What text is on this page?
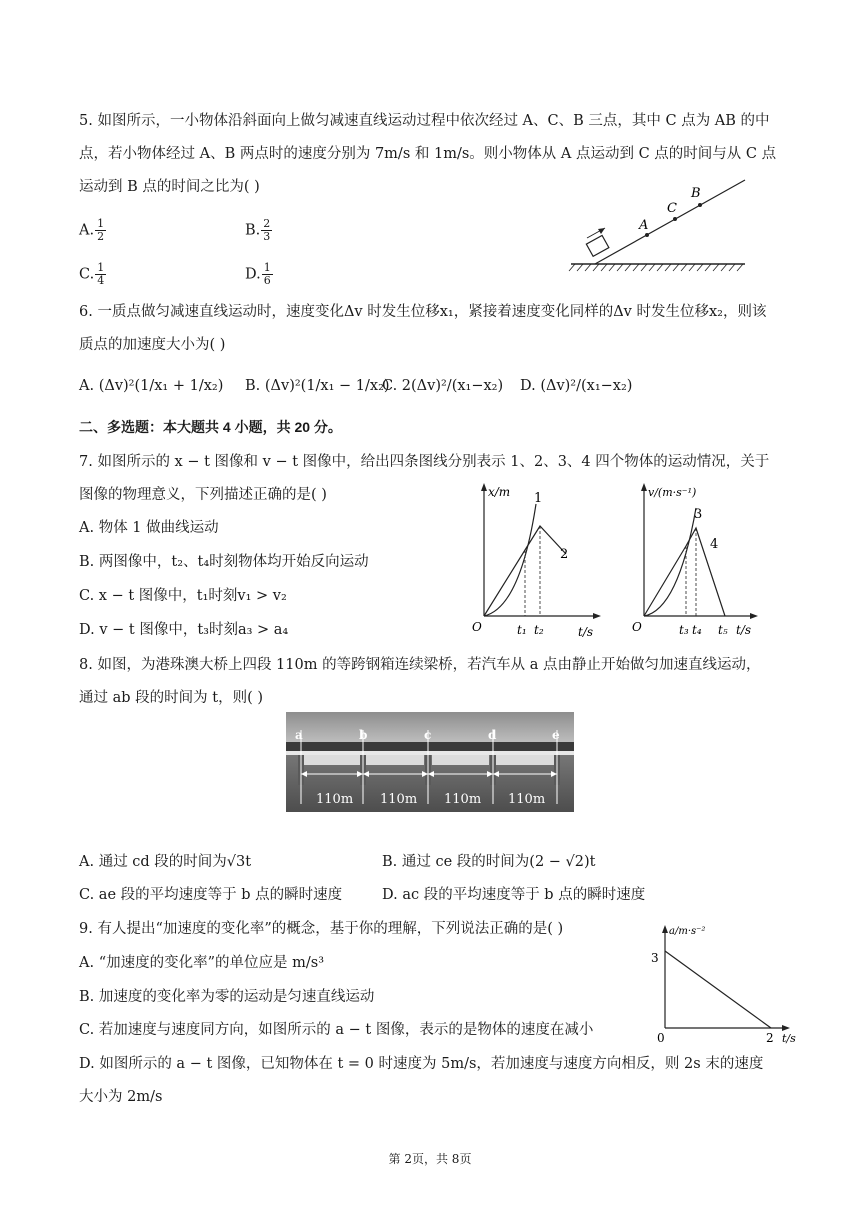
5. 如图所示，一小物体沿斜面向上做匀减速直线运动过程中依次经过 A、C、B 三点，其中 C 点为 AB 的中
点，若小物体经过 A、B 两点时的速度分别为 7m/s 和 1m/s。则小物体从 A 点运动到 C 点的时间与从 C 点
运动到 B 点的时间之比为( )
A. $\frac{1}{2}$	B. $\frac{2}{3}$
C. $\frac{1}{4}$	D. $\frac{1}{6}$
A
C
B
6. 一质点做匀减速直线运动时，速度变化Δv 时发生位移x₁，紧接着速度变化同样的Δv 时发生位移x₂，则该
质点的加速度大小为( )
A. (Δv)²(1/x₁ + 1/x₂) B. (Δv)²(1/x₁ − 1/x₂)
C. 2(Δv)²/(x₁−x₂) D. (Δv)²/(x₁−x₂)
二、多选题：本大题共 4 小题，共 20 分。
7. 如图所示的 x − t 图像和 v − t 图像中，给出四条图线分别表示 1、2、3、4 四个物体的运动情况，关于
图像的物理意义，下列描述正确的是( )
A. 物体 1 做曲线运动
B. 两图像中，t₂、t₄时刻物体均开始反向运动
C. x − t 图像中，t₁时刻v₁ > v₂
D. v − t 图像中，t₃时刻a₃ > a₄
x/m
O	t₁ t₂	t/s
1
2
v/(m·s⁻¹)
O	t₃ t₄ t₅ t/s
3
4
8. 如图，为港珠澳大桥上四段 110m 的等跨钢箱连续梁桥，若汽车从 a 点由静止开始做匀加速直线运动，
通过 ab 段的时间为 t，则( )
a	b	c	d	e
110m 110m 110m 110m
A. 通过 cd 段的时间为√3t	B. 通过 ce 段的时间为(2 − √2)t
C. ae 段的平均速度等于 b 点的瞬时速度	D. ac 段的平均速度等于 b 点的瞬时速度
9. 有人提出“加速度的变化率”的概念，基于你的理解，下列说法正确的是( )
A. “加速度的变化率”的单位应是 m/s³
B. 加速度的变化率为零的运动是匀速直线运动
C. 若加速度与速度同方向，如图所示的 a − t 图像，表示的是物体的速度在减小
D. 如图所示的 a − t 图像，已知物体在 t = 0 时速度为 5m/s，若加速度与速度方向相反，则 2s 末的速度
大小为 2m/s
a/m·s⁻²
3
0	2 t/s
第 2页，共 8页
